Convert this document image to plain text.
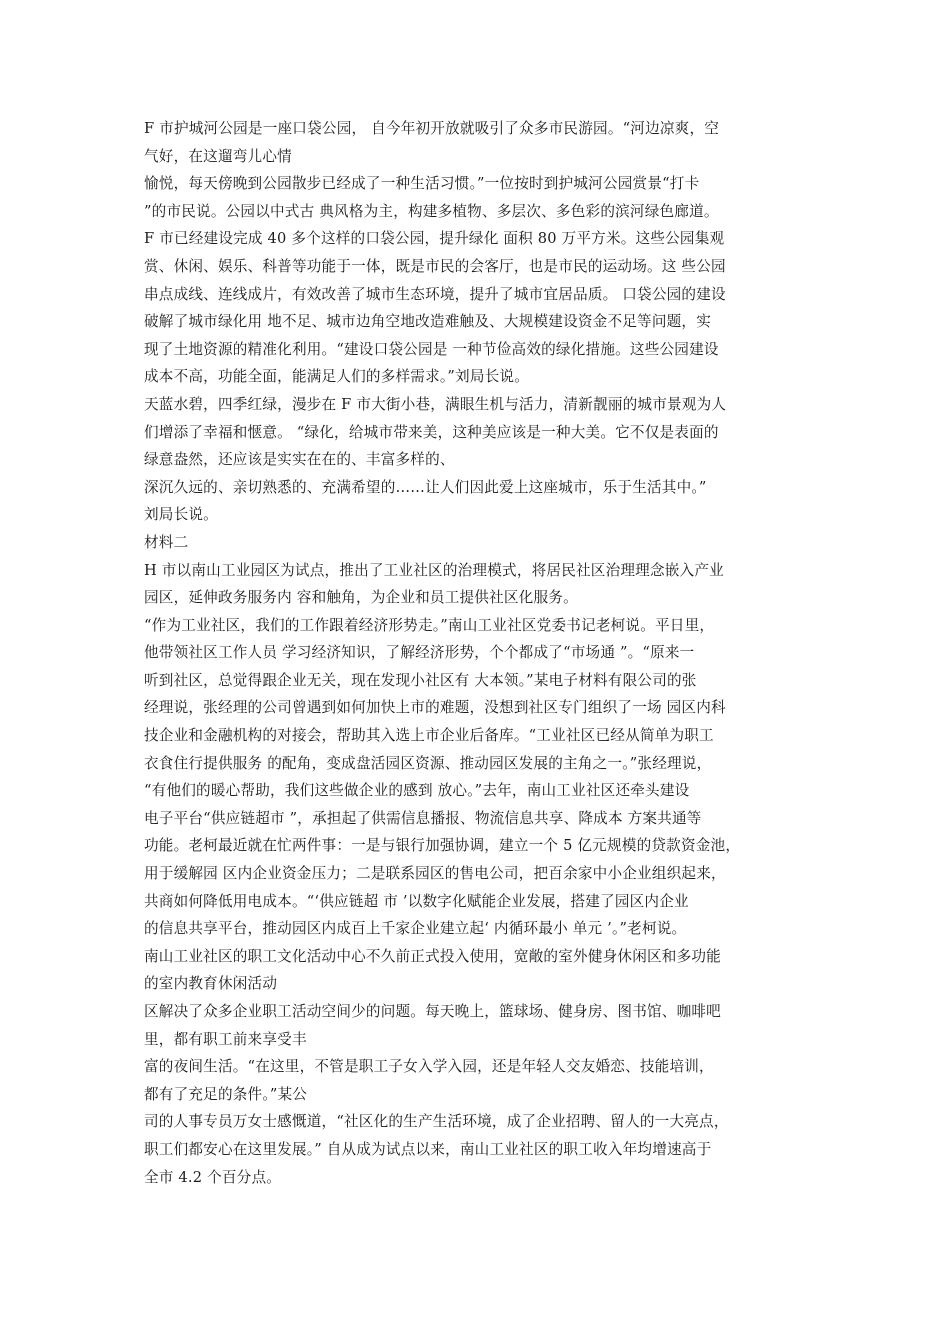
F 市护城河公园是一座口袋公园， 自今年初开放就吸引了众多市民游园。“河边凉爽，空
气好，在这遛弯儿心情
愉悦，每天傍晚到公园散步已经成了一种生活习惯。”一位按时到护城河公园赏景“打卡
”的市民说。公园以中式古 典风格为主，构建多植物、多层次、多色彩的滨河绿色廊道。
F 市已经建设完成 40 多个这样的口袋公园，提升绿化 面积 80 万平方米。这些公园集观
赏、休闲、娱乐、科普等功能于一体，既是市民的会客厅，也是市民的运动场。这 些公园
串点成线、连线成片，有效改善了城市生态环境，提升了城市宜居品质。 口袋公园的建设
破解了城市绿化用 地不足、城市边角空地改造难触及、大规模建设资金不足等问题，实
现了土地资源的精准化利用。“建设口袋公园是 一种节俭高效的绿化措施。这些公园建设
成本不高，功能全面，能满足人们的多样需求。”刘局长说。
天蓝水碧，四季红绿，漫步在 F 市大街小巷，满眼生机与活力，清新靓丽的城市景观为人
们增添了幸福和惬意。 “绿化，给城市带来美，这种美应该是一种大美。它不仅是表面的
绿意盎然，还应该是实实在在的、丰富多样的、
深沉久远的、亲切熟悉的、充满希望的……让人们因此爱上这座城市，乐于生活其中。”
刘局长说。
材料二
H 市以南山工业园区为试点，推出了工业社区的治理模式，将居民社区治理理念嵌入产业
园区，延伸政务服务内 容和触角，为企业和员工提供社区化服务。
“作为工业社区，我们的工作跟着经济形势走。”南山工业社区党委书记老柯说。平日里，
他带领社区工作人员 学习经济知识，了解经济形势，个个都成了“市场通 ”。“原来一
听到社区，总觉得跟企业无关，现在发现小社区有 大本领。”某电子材料有限公司的张
经理说，张经理的公司曾遇到如何加快上市的难题，没想到社区专门组织了一场 园区内科
技企业和金融机构的对接会，帮助其入选上市企业后备库。“工业社区已经从简单为职工
衣食住行提供服务 的配角，变成盘活园区资源、推动园区发展的主角之一。”张经理说，
“有他们的暖心帮助，我们这些做企业的感到 放心。”去年，南山工业社区还牵头建设
电子平台“供应链超市 ”，承担起了供需信息播报、物流信息共享、降成本 方案共通等
功能。老柯最近就在忙两件事：一是与银行加强协调，建立一个 5 亿元规模的贷款资金池，
用于缓解园 区内企业资金压力；二是联系园区的售电公司，把百余家中小企业组织起来，
共商如何降低用电成本。“‘供应链超 市 ’以数字化赋能企业发展，搭建了园区内企业
的信息共享平台，推动园区内成百上千家企业建立起‘ 内循环最小 单元 ’。”老柯说。
南山工业社区的职工文化活动中心不久前正式投入使用，宽敞的室外健身休闲区和多功能
的室内教育休闲活动
区解决了众多企业职工活动空间少的问题。每天晚上，篮球场、健身房、图书馆、咖啡吧
里，都有职工前来享受丰
富的夜间生活。“在这里，不管是职工子女入学入园，还是年轻人交友婚恋、技能培训，
都有了充足的条件。”某公
司的人事专员万女士感慨道，“社区化的生产生活环境，成了企业招聘、留人的一大亮点，
职工们都安心在这里发展。” 自从成为试点以来，南山工业社区的职工收入年均增速高于
全市 4.2 个百分点。
